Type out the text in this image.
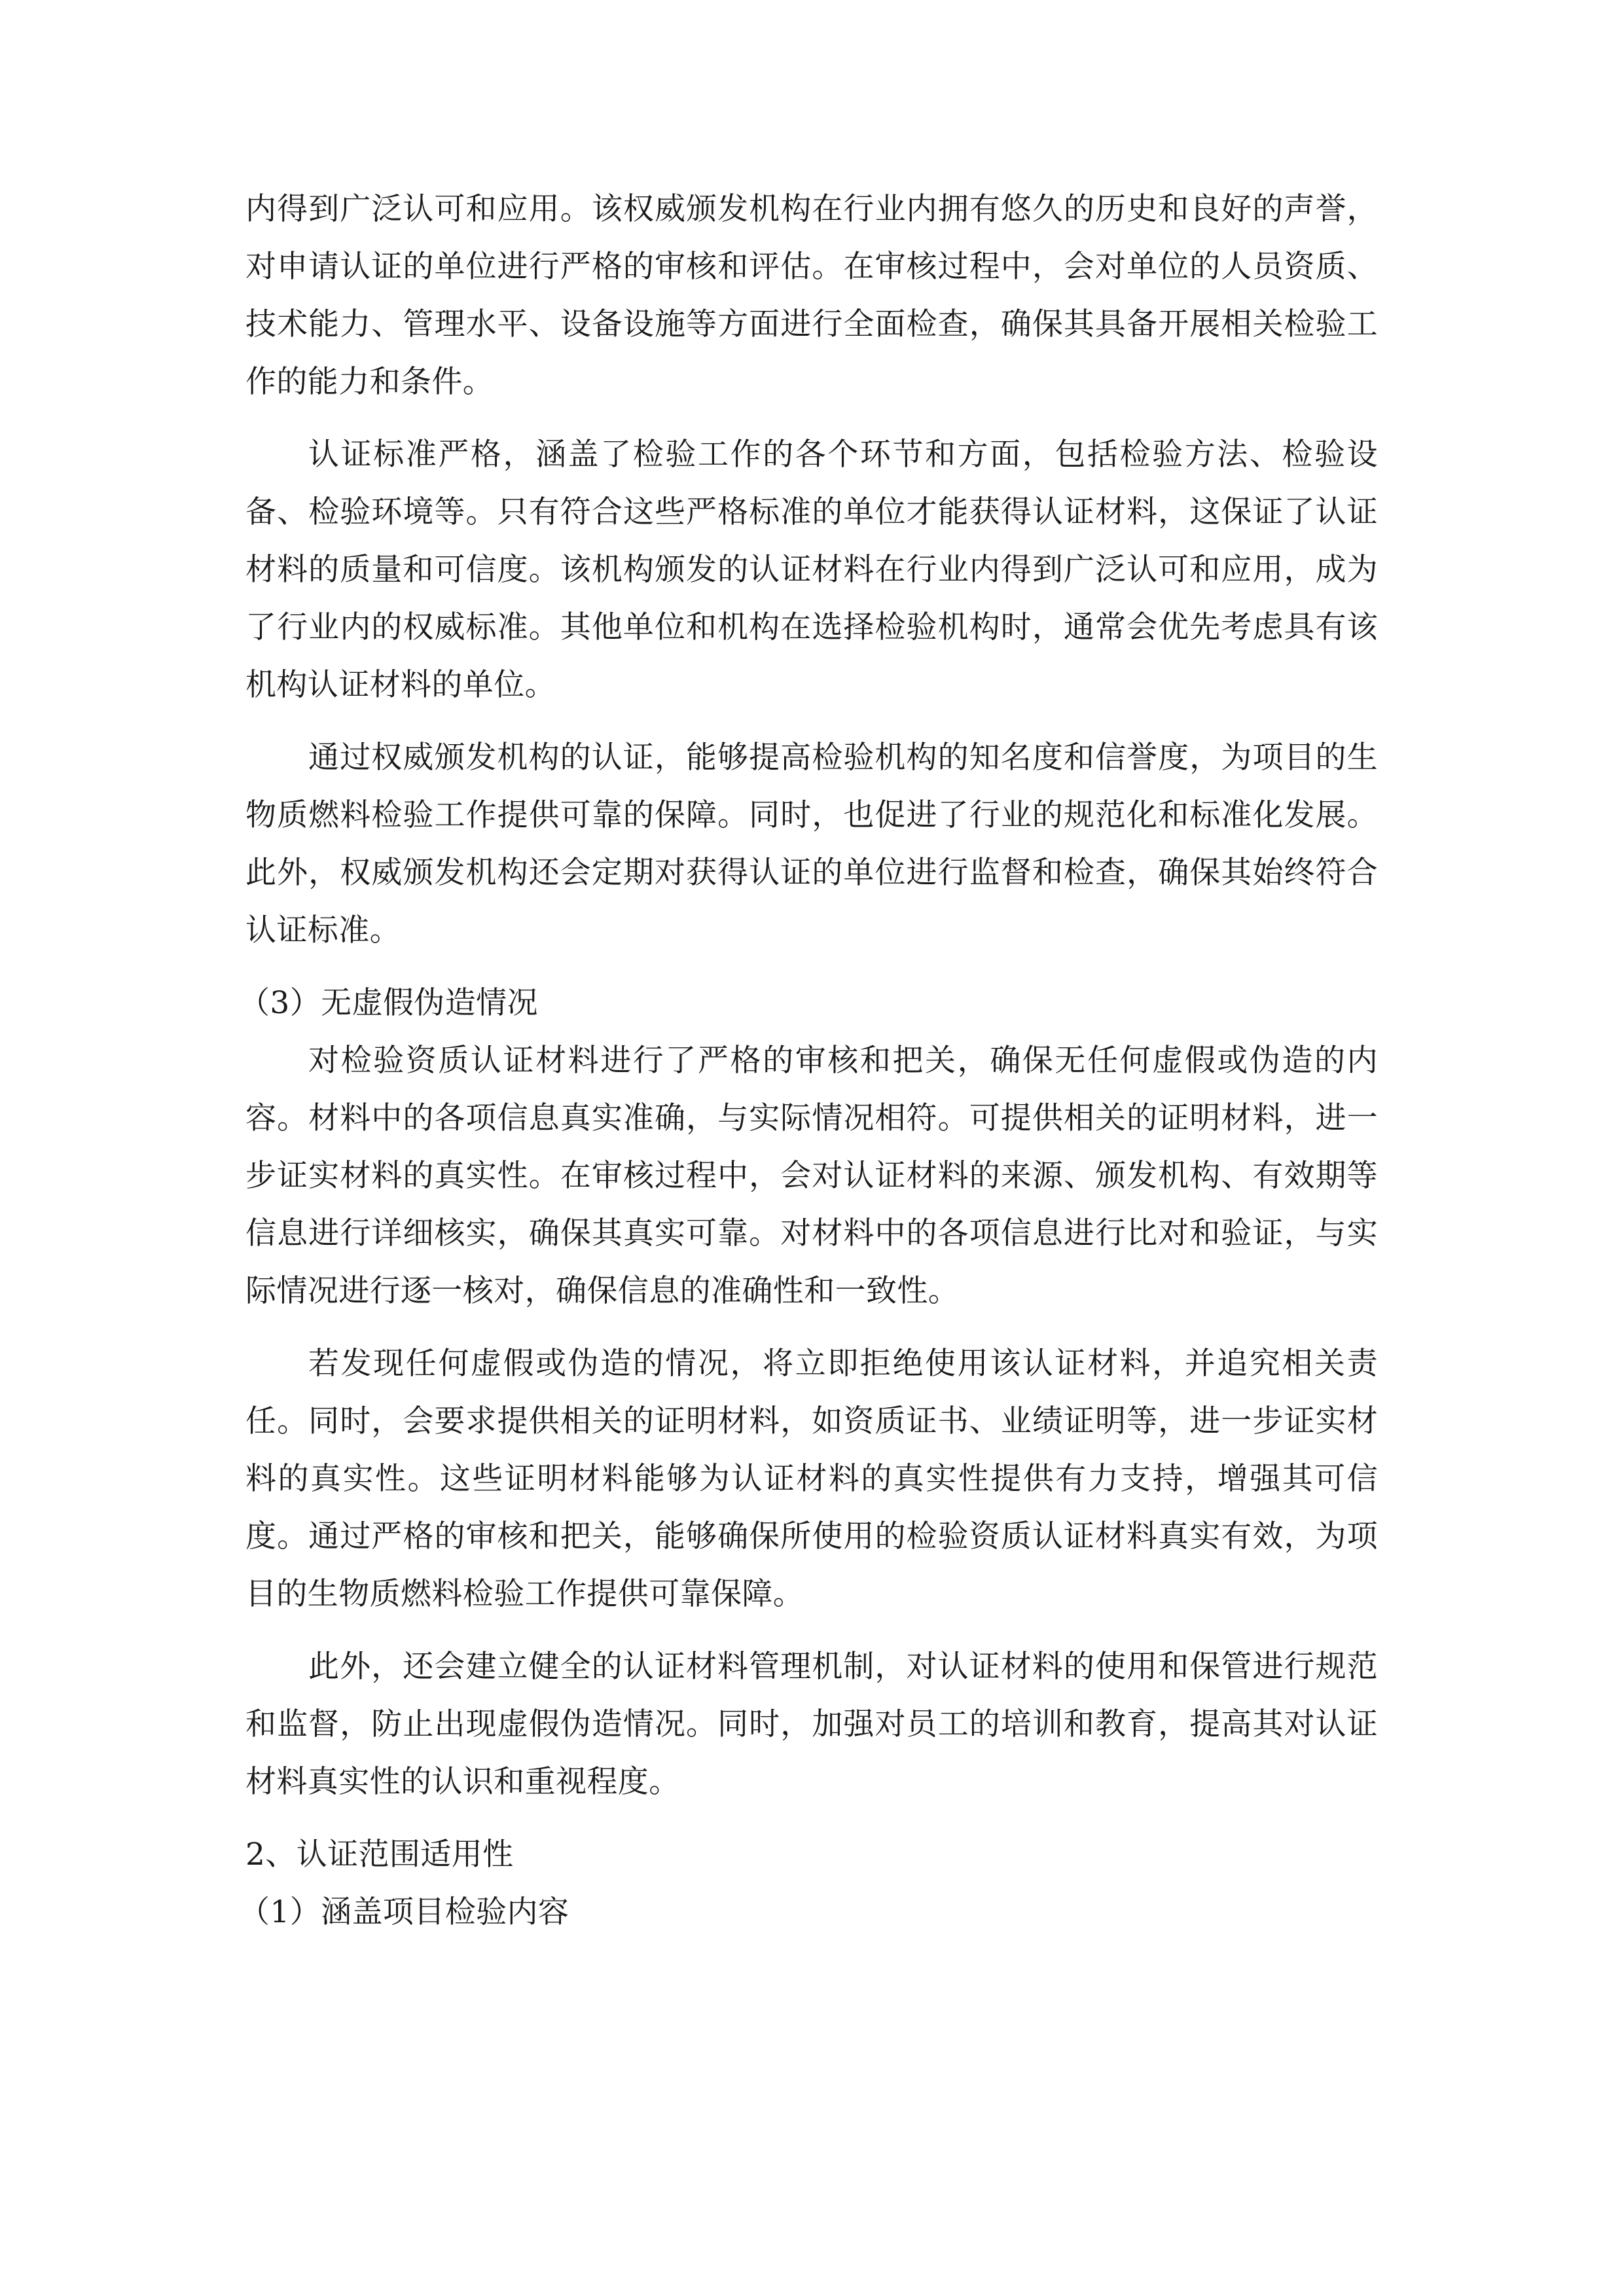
内得到广泛认可和应用。该权威颁发机构在行业内拥有悠久的历史和良好的声誉，对申请认证的单位进行严格的审核和评估。在审核过程中，会对单位的人员资质、技术能力、管理水平、设备设施等方面进行全面检查，确保其具备开展相关检验工作的能力和条件。

认证标准严格，涵盖了检验工作的各个环节和方面，包括检验方法、检验设备、检验环境等。只有符合这些严格标准的单位才能获得认证材料，这保证了认证材料的质量和可信度。该机构颁发的认证材料在行业内得到广泛认可和应用，成为了行业内的权威标准。其他单位和机构在选择检验机构时，通常会优先考虑具有该机构认证材料的单位。

通过权威颁发机构的认证，能够提高检验机构的知名度和信誉度，为项目的生物质燃料检验工作提供可靠的保障。同时，也促进了行业的规范化和标准化发展。此外，权威颁发机构还会定期对获得认证的单位进行监督和检查，确保其始终符合认证标准。

（3）无虚假伪造情况

对检验资质认证材料进行了严格的审核和把关，确保无任何虚假或伪造的内容。材料中的各项信息真实准确，与实际情况相符。可提供相关的证明材料，进一步证实材料的真实性。在审核过程中，会对认证材料的来源、颁发机构、有效期等信息进行详细核实，确保其真实可靠。对材料中的各项信息进行比对和验证，与实际情况进行逐一核对，确保信息的准确性和一致性。

若发现任何虚假或伪造的情况，将立即拒绝使用该认证材料，并追究相关责任。同时，会要求提供相关的证明材料，如资质证书、业绩证明等，进一步证实材料的真实性。这些证明材料能够为认证材料的真实性提供有力支持，增强其可信度。通过严格的审核和把关，能够确保所使用的检验资质认证材料真实有效，为项目的生物质燃料检验工作提供可靠保障。

此外，还会建立健全的认证材料管理机制，对认证材料的使用和保管进行规范和监督，防止出现虚假伪造情况。同时，加强对员工的培训和教育，提高其对认证材料真实性的认识和重视程度。

2、认证范围适用性
（1）涵盖项目检验内容
